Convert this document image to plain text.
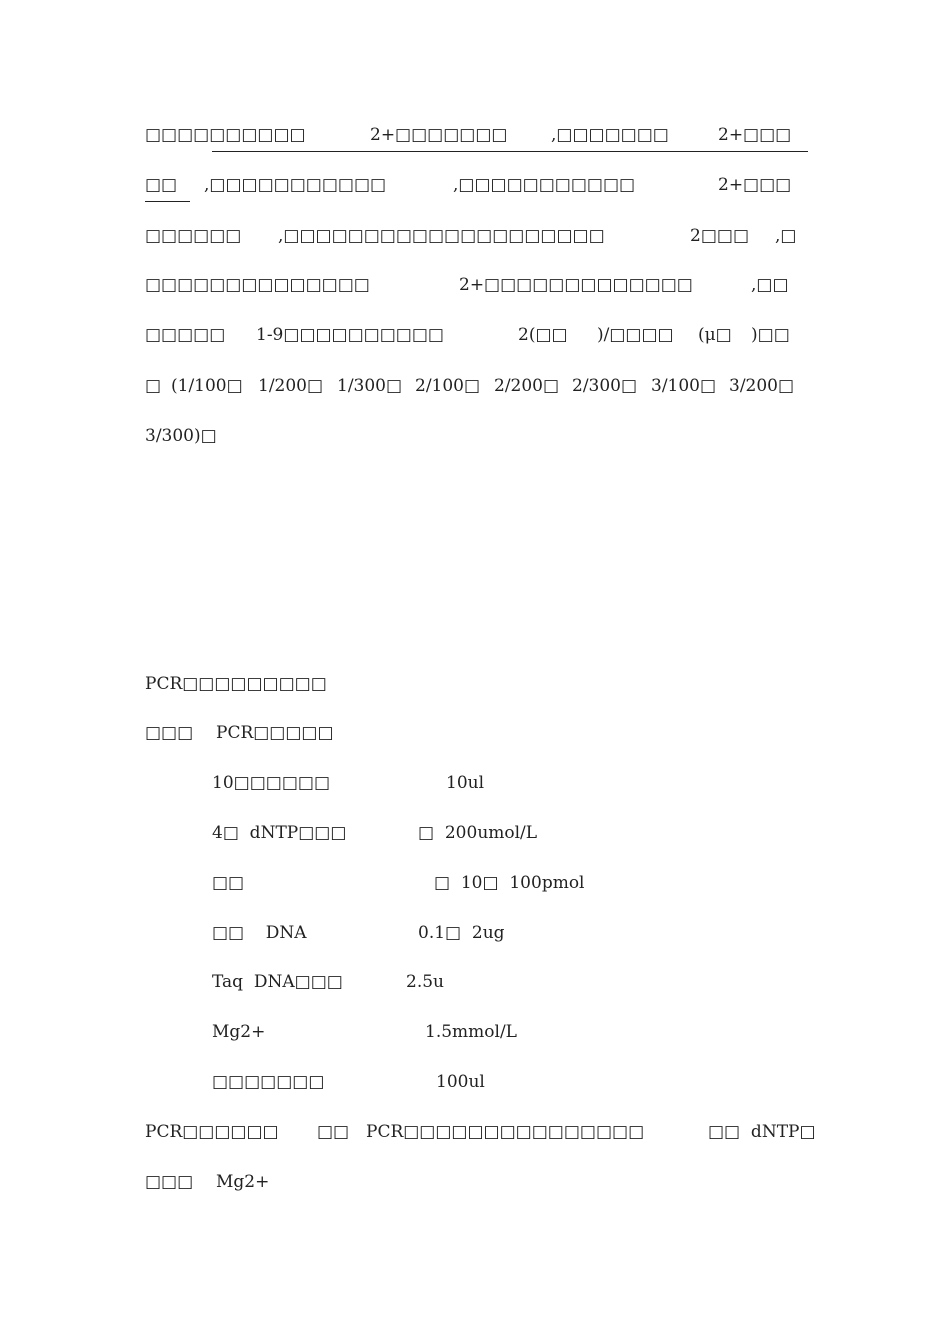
□□□□□□□□□□	2+□□□□□□□	,□□□□□□□	2+□□□
□□ ,□□□□□□□□□□□	,□□□□□□□□□□□	2+□□□
□□□□□□ ,□□□□□□□□□□□□□□□□□□□□	2□□□ ,□
□□□□□□□□□□□□□□	2+□□□□□□□□□□□□□	,□□
□□□□□ 1-9□□□□□□□□□□	2(□□ )/□□□□ (μ□ )□□
□ (1/100□ 1/200□ 1/300□ 2/100□ 2/200□ 2/300□ 3/100□ 3/200□
3/300)□
PCR□□□□□□□□□
□□□ PCR□□□□□
10□□□□□□	10ul
4□  dNTP□□□	□  200umol/L
□□	□  10□  100pmol
□□    DNA	0.1□  2ug
Taq  DNA□□□	2.5u
Mg2+	1.5mmol/L
□□□□□□□	100ul
PCR□□□□□□ □□ PCR□□□□□□□□□□□□□□□	□□  dNTP□
□□□ Mg2+
